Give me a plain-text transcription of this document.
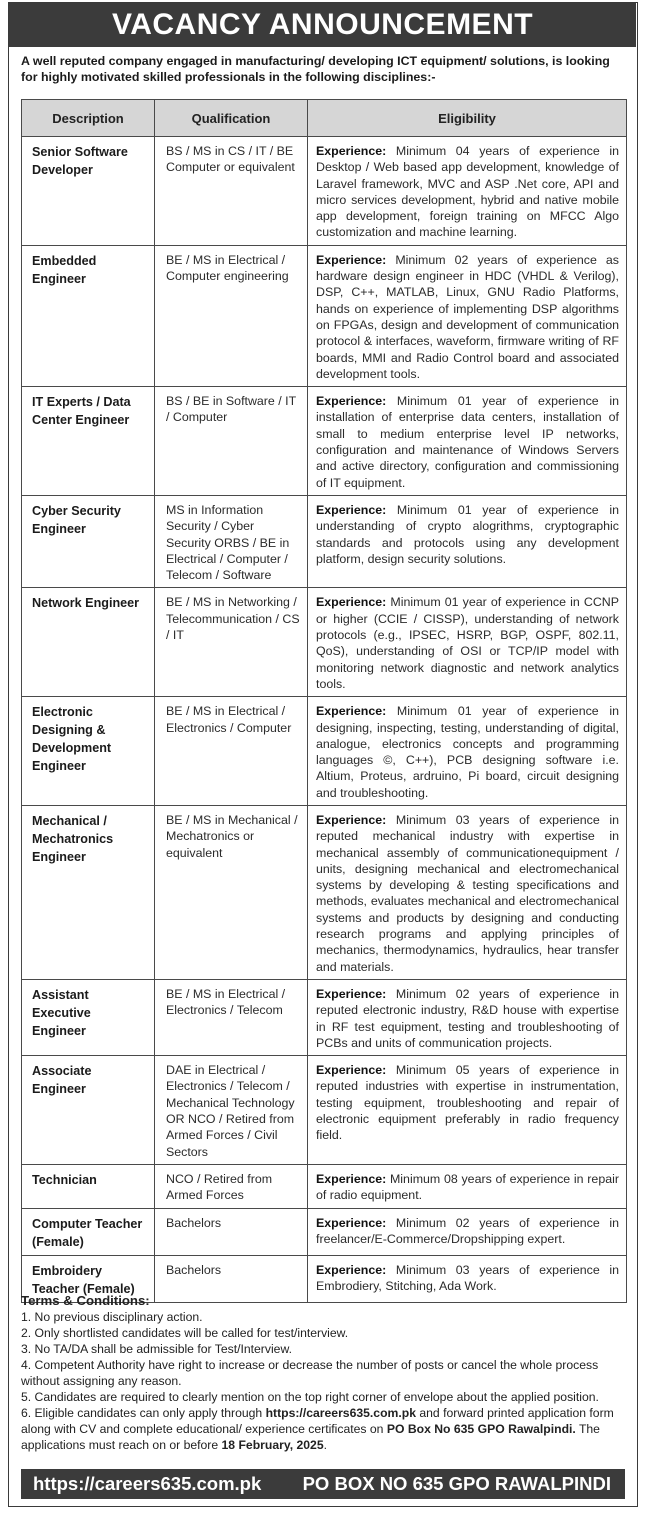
VACANCY ANNOUNCEMENT
A well reputed company engaged in manufacturing/ developing ICT equipment/ solutions, is looking for highly motivated skilled professionals in the following disciplines:-
Description	Qualification	Eligibility
Senior Software Developer	BS / MS in CS / IT / BE Computer or equivalent	Experience: Minimum 04 years of experience in Desktop / Web based app development, knowledge of Laravel framework, MVC and ASP .Net core, API and micro services development, hybrid and native mobile app development, foreign training on MFCC Algo customization and machine learning.
Embedded Engineer	BE / MS in Electrical / Computer engineering	Experience: Minimum 02 years of experience as hardware design engineer in HDC (VHDL & Verilog), DSP, C++, MATLAB, Linux, GNU Radio Platforms, hands on experience of implementing DSP algorithms on FPGAs, design and development of communication protocol & interfaces, waveform, firmware writing of RF boards, MMI and Radio Control board and associated development tools.
IT Experts / Data Center Engineer	BS / BE in Software / IT / Computer	Experience: Minimum 01 year of experience in installation of enterprise data centers, installation of small to medium enterprise level IP networks, configuration and maintenance of Windows Servers and active directory, configuration and commissioning of IT equipment.
Cyber Security Engineer	MS in Information Security / Cyber Security ORBS / BE in Electrical / Computer / Telecom / Software	Experience: Minimum 01 year of experience in understanding of crypto alogrithms, cryptographic standards and protocols using any development platform, design security solutions.
Network Engineer	BE / MS in Networking / Telecommunication / CS / IT	Experience: Minimum 01 year of experience in CCNP or higher (CCIE / CISSP), understanding of network protocols (e.g., IPSEC, HSRP, BGP, OSPF, 802.11, QoS), understanding of OSI or TCP/IP model with monitoring network diagnostic and network analytics tools.
Electronic Designing & Development Engineer	BE / MS in Electrical / Electronics / Computer	Experience: Minimum 01 year of experience in designing, inspecting, testing, understanding of digital, analogue, electronics concepts and programming languages ©, C++), PCB designing software i.e. Altium, Proteus, ardruino, Pi board, circuit designing and troubleshooting.
Mechanical / Mechatronics Engineer	BE / MS in Mechanical / Mechatronics or equivalent	Experience: Minimum 03 years of experience in reputed mechanical industry with expertise in mechanical assembly of communicationequipment / units, designing mechanical and electromechanical systems by developing & testing specifications and methods, evaluates mechanical and electromechanical systems and products by designing and conducting research programs and applying principles of mechanics, thermodynamics, hydraulics, hear transfer and materials.
Assistant Executive Engineer	BE / MS in Electrical / Electronics / Telecom	Experience: Minimum 02 years of experience in reputed electronic industry, R&D house with expertise in RF test equipment, testing and troubleshooting of PCBs and units of communication projects.
Associate Engineer	DAE in Electrical / Electronics / Telecom / Mechanical Technology OR NCO / Retired from Armed Forces / Civil Sectors	Experience: Minimum 05 years of experience in reputed industries with expertise in instrumentation, testing equipment, troubleshooting and repair of electronic equipment preferably in radio frequency field.
Technician	NCO / Retired from Armed Forces	Experience: Minimum 08 years of experience in repair of radio equipment.
Computer Teacher (Female)	Bachelors	Experience: Minimum 02 years of experience in freelancer/E-Commerce/Dropshipping expert.
Embroidery Teacher (Female)	Bachelors	Experience: Minimum 03 years of experience in Embrodiery, Stitching, Ada Work.
Terms & Conditions:
1. No previous disciplinary action.
2. Only shortlisted candidates will be called for test/interview.
3. No TA/DA shall be admissible for Test/Interview.
4. Competent Authority have right to increase or decrease the number of posts or cancel the whole process without assigning any reason.
5. Candidates are required to clearly mention on the top right corner of envelope about the applied position.
6. Eligible candidates can only apply through https://careers635.com.pk and forward printed application form along with CV and complete educational/ experience certificates on PO Box No 635 GPO Rawalpindi. The applications must reach on or before 18 February, 2025.
https://careers635.com.pk PO BOX NO 635 GPO RAWALPINDI
